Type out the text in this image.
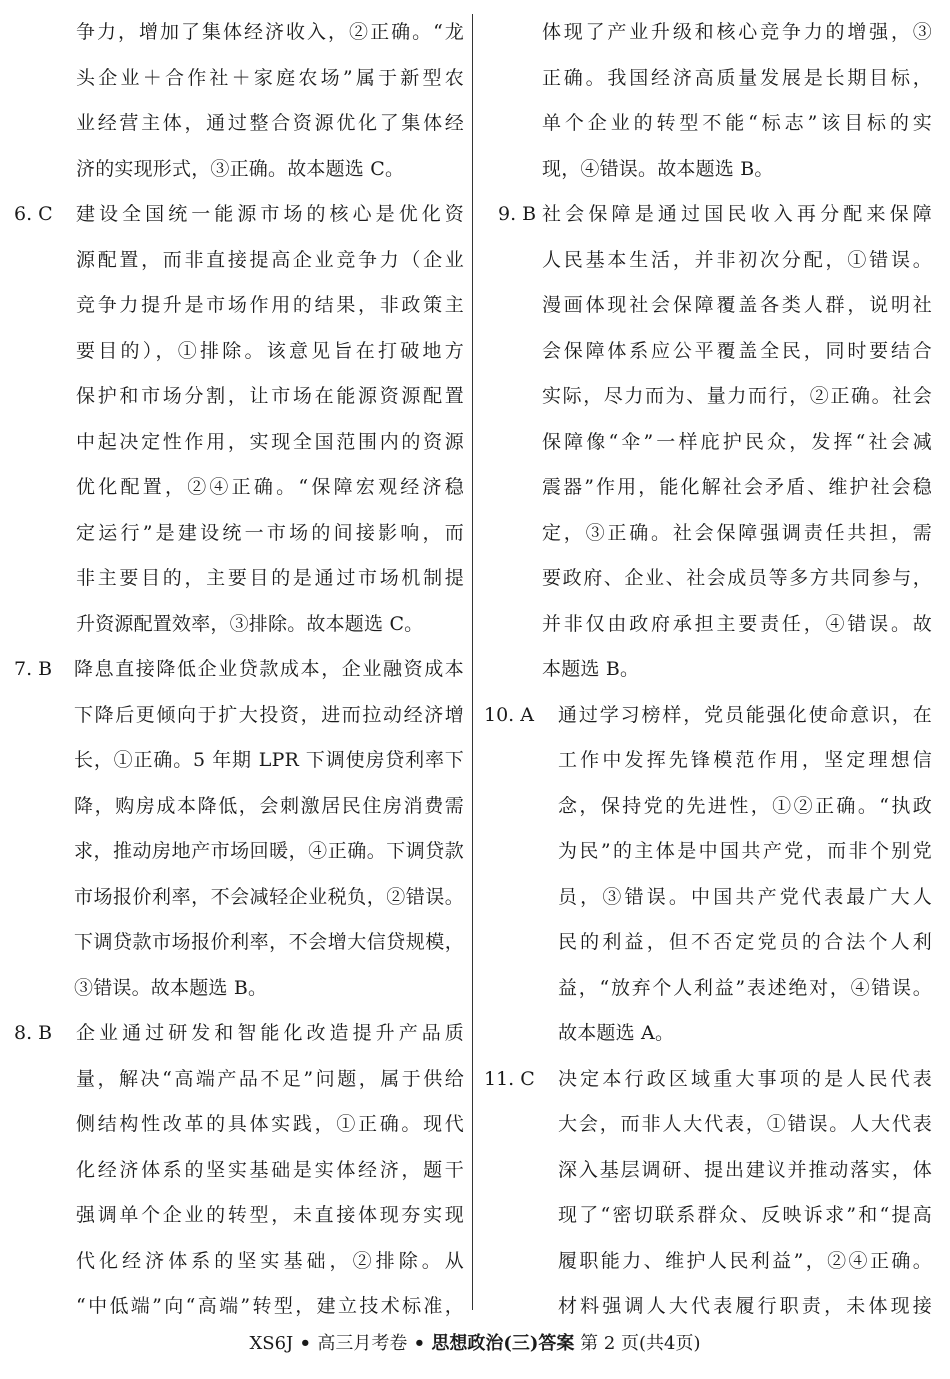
争力，增加了集体经济收入，②正确。“龙
头企业＋合作社＋家庭农场”属于新型农
业经营主体，通过整合资源优化了集体经
济的实现形式，③正确。故本题选 C。
6. C 建设全国统一能源市场的核心是优化资
源配置，而非直接提高企业竞争力（企业
竞争力提升是市场作用的结果，非政策主
要目的），①排除。该意见旨在打破地方
保护和市场分割，让市场在能源资源配置
中起决定性作用，实现全国范围内的资源
优化配置，②④正确。“保障宏观经济稳
定运行”是建设统一市场的间接影响，而
非主要目的，主要目的是通过市场机制提
升资源配置效率，③排除。故本题选 C。
7. B 降息直接降低企业贷款成本，企业融资成本
下降后更倾向于扩大投资，进而拉动经济增
长，①正确。5 年期 LPR 下调使房贷利率下
降，购房成本降低，会刺激居民住房消费需
求，推动房地产市场回暖，④正确。下调贷款
市场报价利率，不会减轻企业税负，②错误。
下调贷款市场报价利率，不会增大信贷规模，
③错误。故本题选 B。
8. B 企业通过研发和智能化改造提升产品质
量，解决“高端产品不足”问题，属于供给
侧结构性改革的具体实践，①正确。现代
化经济体系的坚实基础是实体经济，题干
强调单个企业的转型，未直接体现夯实现
代化经济体系的坚实基础，②排除。从
“中低端”向“高端”转型，建立技术标准，
体现了产业升级和核心竞争力的增强，③
正确。我国经济高质量发展是长期目标，
单个企业的转型不能“标志”该目标的实
现，④错误。故本题选 B。
9. B 社会保障是通过国民收入再分配来保障
人民基本生活，并非初次分配，①错误。
漫画体现社会保障覆盖各类人群，说明社
会保障体系应公平覆盖全民，同时要结合
实际，尽力而为、量力而行，②正确。社会
保障像“伞”一样庇护民众，发挥“社会减
震器”作用，能化解社会矛盾、维护社会稳
定，③正确。社会保障强调责任共担，需
要政府、企业、社会成员等多方共同参与，
并非仅由政府承担主要责任，④错误。故
本题选 B。
10. A 通过学习榜样，党员能强化使命意识，在
工作中发挥先锋模范作用，坚定理想信
念，保持党的先进性，①②正确。“执政
为民”的主体是中国共产党，而非个别党
员，③错误。中国共产党代表最广大人
民的利益，但不否定党员的合法个人利
益，“放弃个人利益”表述绝对，④错误。
故本题选 A。
11. C 决定本行政区域重大事项的是人民代表
大会，而非人大代表，①错误。人大代表
深入基层调研、提出建议并推动落实，体
现了“密切联系群众、反映诉求”和“提高
履职能力、维护人民利益”，②④正确。
材料强调人大代表履行职责，未体现接
XS6J • 高三月考卷 • 思想政治(三)答案 第 2 页(共4页)
